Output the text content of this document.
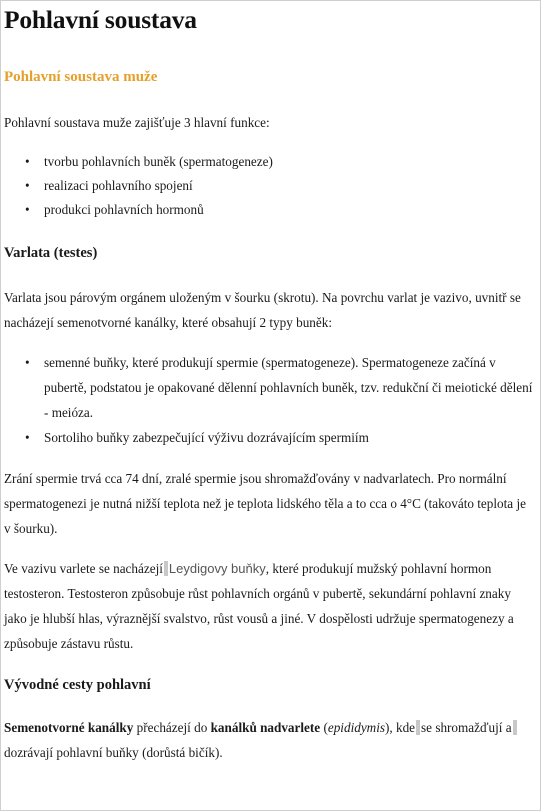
Pohlavní soustava
Pohlavní soustava muže
Pohlavní soustava muže zajišťuje 3 hlavní funkce:
• tvorbu pohlavních buněk (spermatogeneze)
• realizaci pohlavního spojení
• produkci pohlavních hormonů
Varlata (testes)
Varlata jsou párovým orgánem uloženým v šourku (skrotu). Na povrchu varlat je vazivo, uvnitř se nacházejí semenotvorné kanálky, které obsahují 2 typy buněk:
• semenné buňky, které produkují spermie (spermatogeneze). Spermatogeneze začíná v pubertě, podstatou je opakované dělenní pohlavních buněk, tzv. redukční či meiotické dělení - meióza.
• Sortoliho buňky zabezpečující výživu dozrávajícím spermiím
Zrání spermie trvá cca 74 dní, zralé spermie jsou shromažďovány v nadvarlatech. Pro normální spermatogenezi je nutná nižší teplota než je teplota lidského těla a to cca o 4°C (takováto teplota je v šourku).
Ve vazivu varlete se nacházejí Leydigovy buňky, které produkují mužský pohlavní hormon testosteron. Testosteron způsobuje růst pohlavních orgánů v pubertě, sekundární pohlavní znaky jako je hlubší hlas, výraznější svalstvo, růst vousů a jiné. V dospělosti udržuje spermatogenezy a způsobuje zástavu růstu.
Vývodné cesty pohlavní
Semenotvorné kanálky přecházejí do kanálků nadvarlete (epididymis), kde se shromažďují adozrávají pohlavní buňky (dorůstá bičík).
